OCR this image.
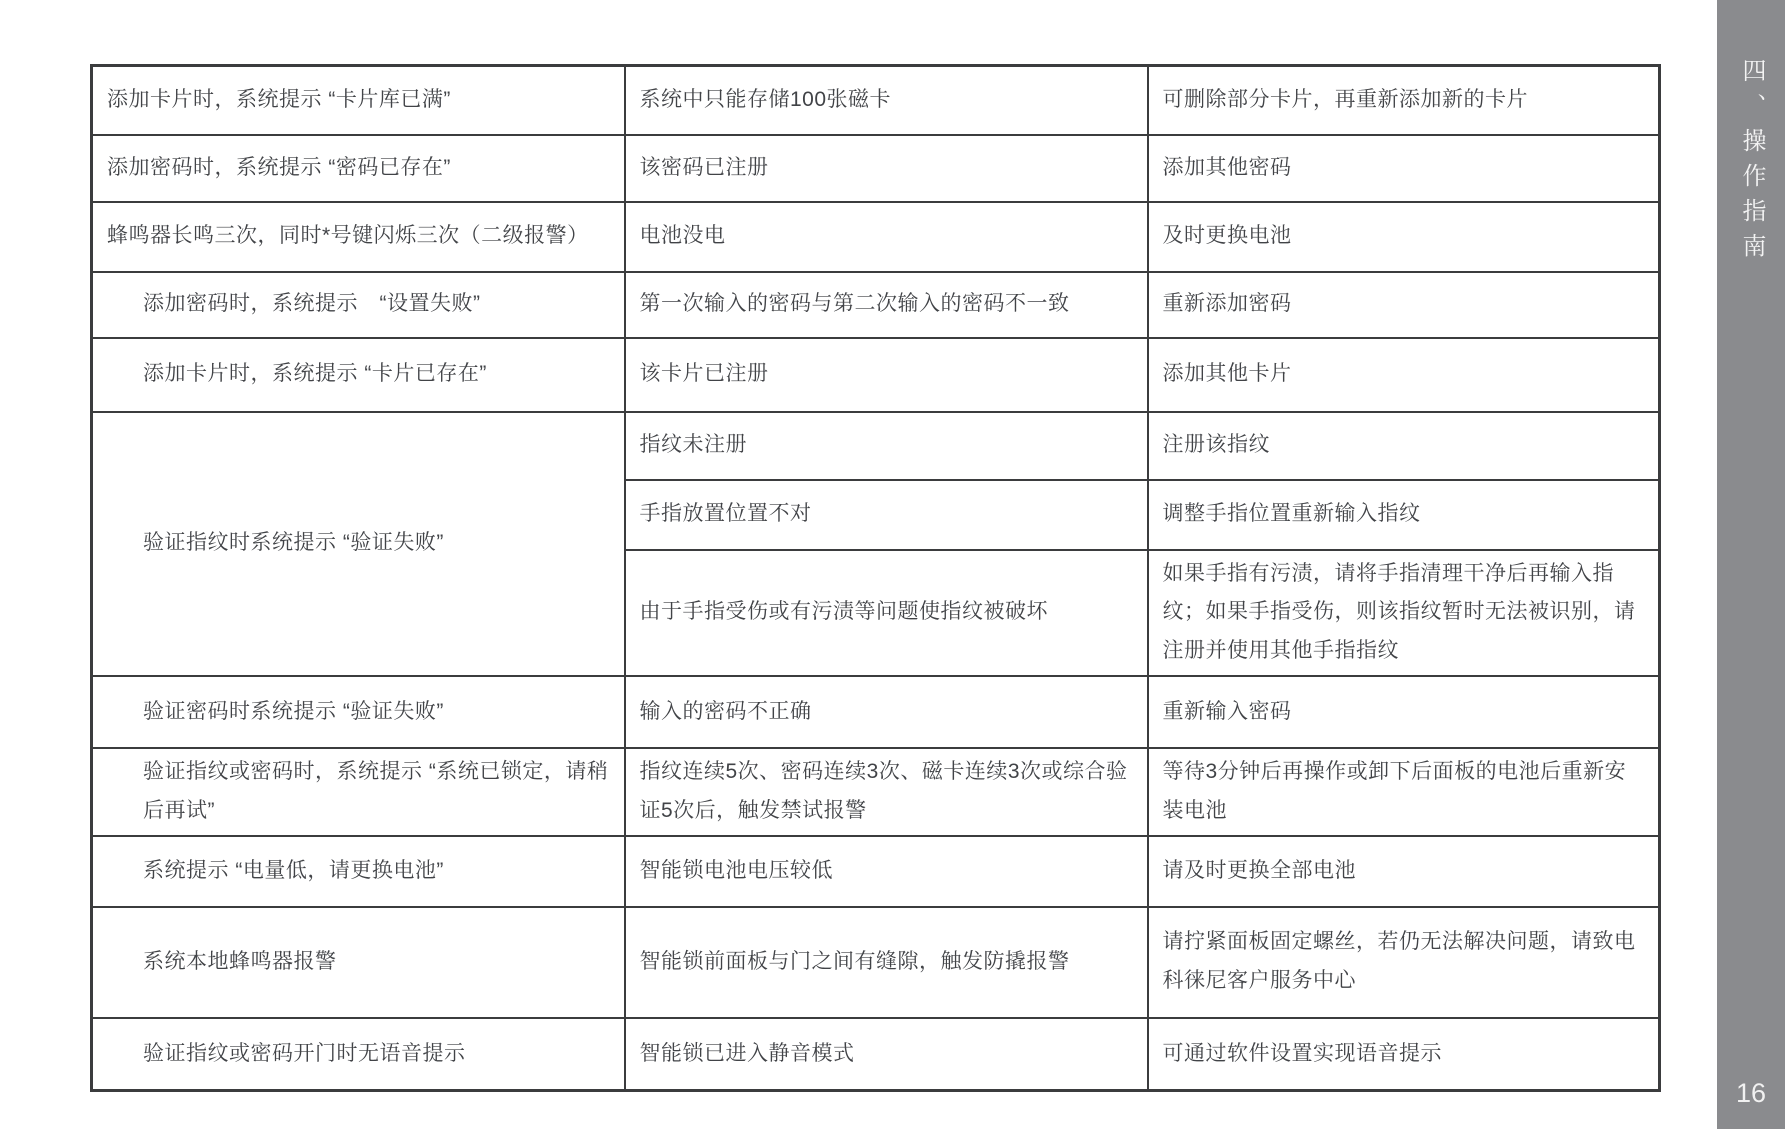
添加卡片时，系统提示 “卡片库已满”	系统中只能存储100张磁卡	可删除部分卡片，再重新添加新的卡片
添加密码时，系统提示 “密码已存在”	该密码已注册	添加其他密码
蜂鸣器长鸣三次，同时*号键闪烁三次（二级报警）	电池没电	及时更换电池
添加密码时，系统提示　“设置失败”	第一次输入的密码与第二次输入的密码不一致	重新添加密码
添加卡片时，系统提示 “卡片已存在”	该卡片已注册	添加其他卡片
验证指纹时系统提示 “验证失败”	指纹未注册	注册该指纹
	手指放置位置不对	调整手指位置重新输入指纹
	由于手指受伤或有污渍等问题使指纹被破坏	如果手指有污渍，请将手指清理干净后再输入指纹；如果手指受伤，则该指纹暂时无法被识别，请注册并使用其他手指指纹
验证密码时系统提示 “验证失败”	输入的密码不正确	重新输入密码
验证指纹或密码时，系统提示 “系统已锁定，请稍后再试”	指纹连续5次、密码连续3次、磁卡连续3次或综合验证5次后，触发禁试报警	等待3分钟后再操作或卸下后面板的电池后重新安装电池
系统提示 “电量低，请更换电池”	智能锁电池电压较低	请及时更换全部电池
系统本地蜂鸣器报警	智能锁前面板与门之间有缝隙，触发防撬报警	请拧紧面板固定螺丝，若仍无法解决问题，请致电科徕尼客户服务中心
验证指纹或密码开门时无语音提示	智能锁已进入静音模式	可通过软件设置实现语音提示
四、操作指南
16
